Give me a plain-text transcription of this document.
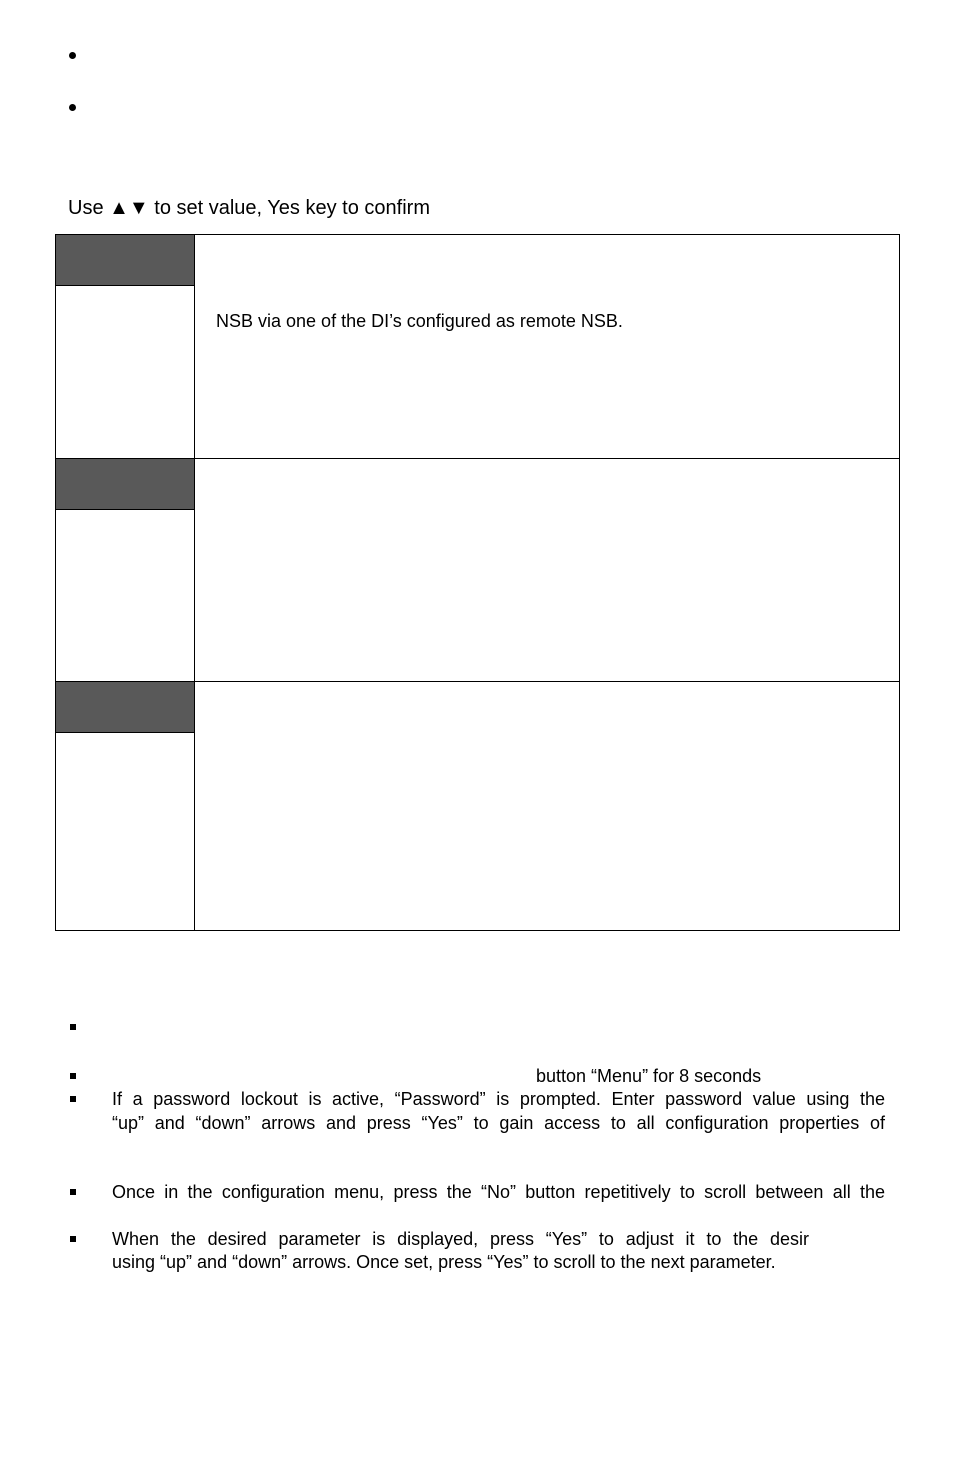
Use ▲▼ to set value, Yes key to confirm
NSB via one of the DI’s configured as remote NSB.
button “Menu” for 8 seconds
If a password lockout is active, “Password” is prompted. Enter password value using the
“up” and “down” arrows and press “Yes” to gain access to all configuration properties of
Once in the configuration menu, press the “No” button repetitively to scroll between all the
When the desired parameter is displayed, press “Yes” to adjust it to the desir
using “up” and “down” arrows. Once set, press “Yes” to scroll to the next parameter.
